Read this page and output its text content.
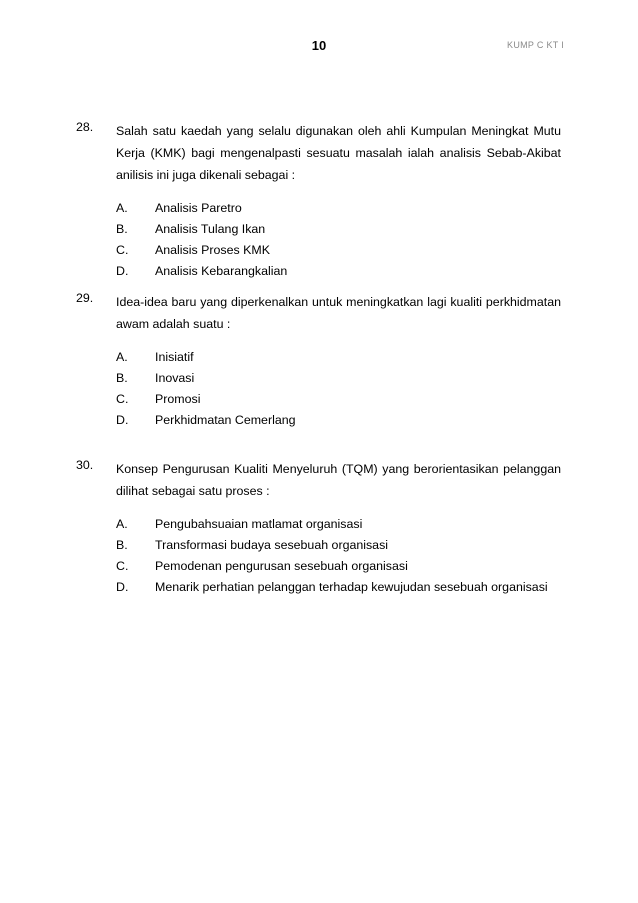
10	KUMP C KT I
28. Salah satu kaedah yang selalu digunakan oleh ahli Kumpulan Meningkat Mutu Kerja (KMK) bagi mengenalpasti sesuatu masalah ialah analisis Sebab-Akibat anilisis ini juga dikenali sebagai :
A.	Analisis Paretro
B.	Analisis Tulang Ikan
C.	Analisis Proses KMK
D.	Analisis Kebarangkalian
29. Idea-idea baru yang diperkenalkan untuk meningkatkan lagi kualiti perkhidmatan awam adalah suatu :
A.	Inisiatif
B.	Inovasi
C.	Promosi
D.	Perkhidmatan Cemerlang
30. Konsep Pengurusan Kualiti Menyeluruh (TQM) yang berorientasikan pelanggan dilihat sebagai satu proses :
A.	Pengubahsuaian matlamat organisasi
B.	Transformasi budaya sesebuah organisasi
C.	Pemodenan pengurusan sesebuah organisasi
D.	Menarik perhatian pelanggan terhadap kewujudan sesebuah organisasi
